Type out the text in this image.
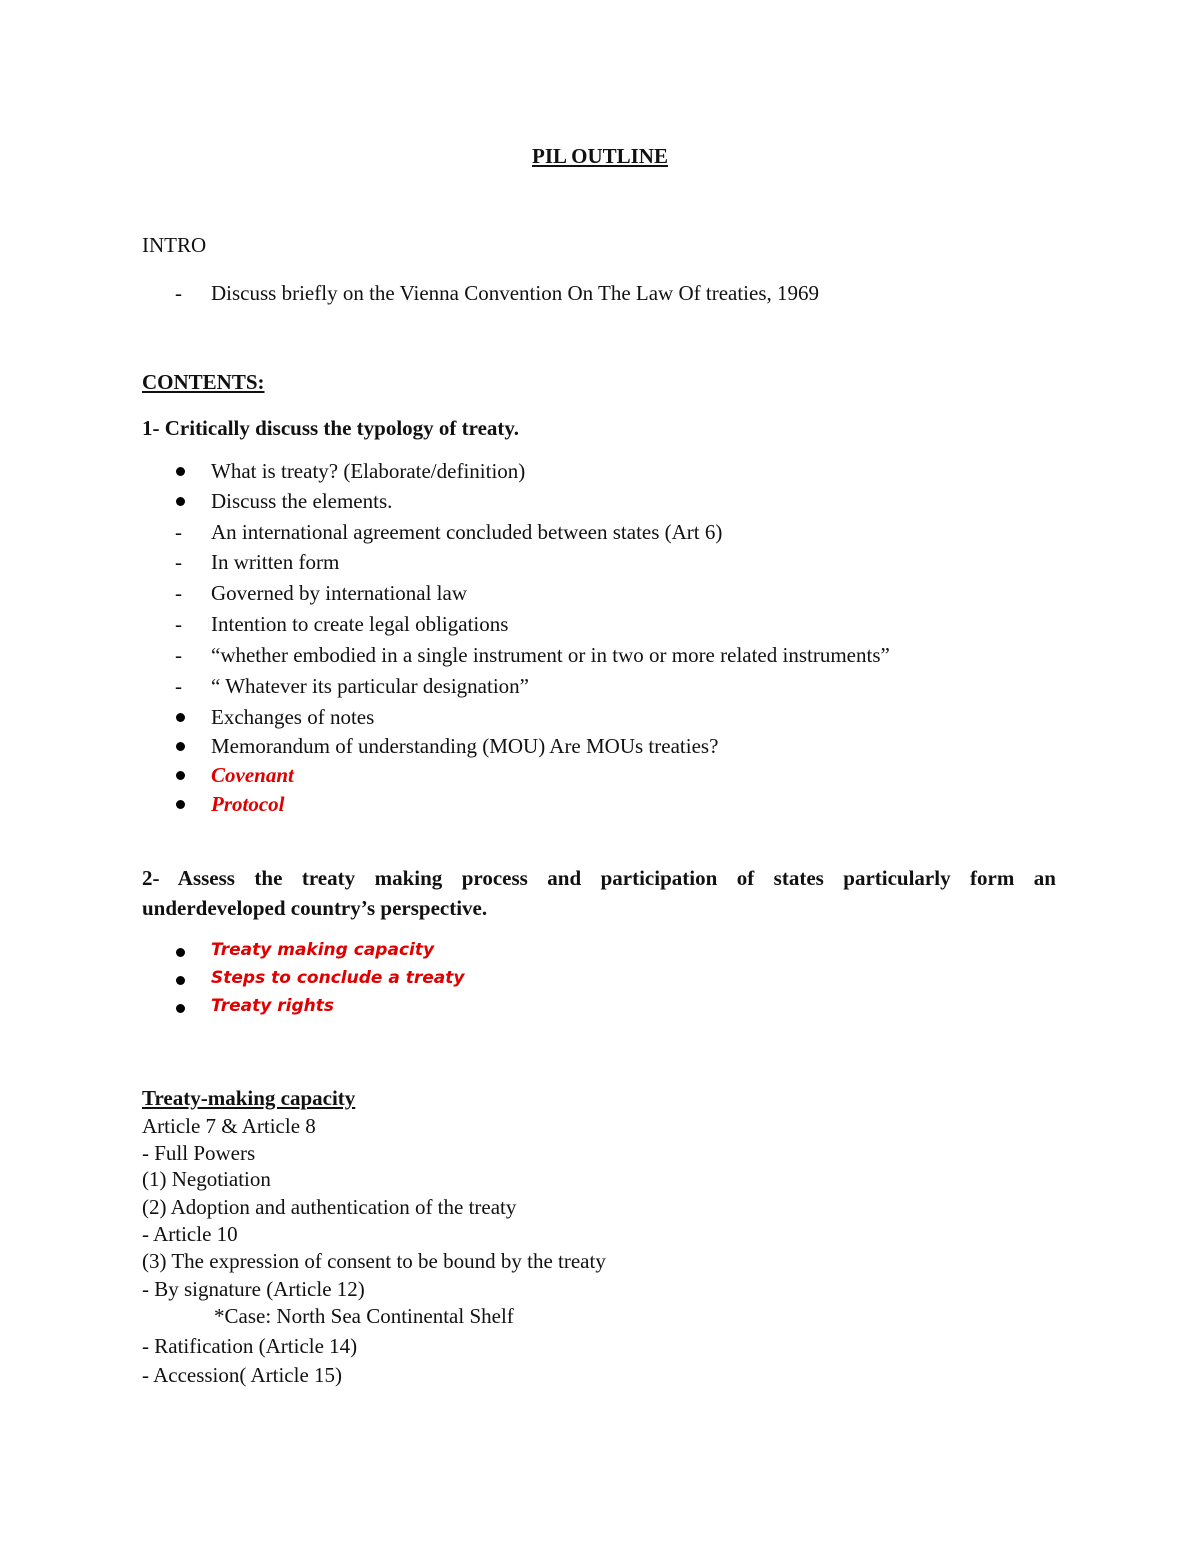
PIL OUTLINE
INTRO
- Discuss briefly on the Vienna Convention On The Law Of treaties, 1969
CONTENTS:
1- Critically discuss the typology of treaty.
What is treaty? (Elaborate/definition)
Discuss the elements.
- An international agreement concluded between states (Art 6)
- In written form
- Governed by international law
- Intention to create legal obligations
- “whether embodied in a single instrument or in two or more related instruments”
- “ Whatever its particular designation”
Exchanges of notes
Memorandum of understanding (MOU) Are MOUs treaties?
Covenant
Protocol
2- Assess the treaty making process and participation of states particularly form an
underdeveloped country’s perspective.
Treaty making capacity
Steps to conclude a treaty
Treaty rights
Treaty-making capacity
Article 7 & Article 8
- Full Powers
(1) Negotiation
(2) Adoption and authentication of the treaty
- Article 10
(3) The expression of consent to be bound by the treaty
- By signature (Article 12)
*Case: North Sea Continental Shelf
- Ratification (Article 14)
- Accession( Article 15)
